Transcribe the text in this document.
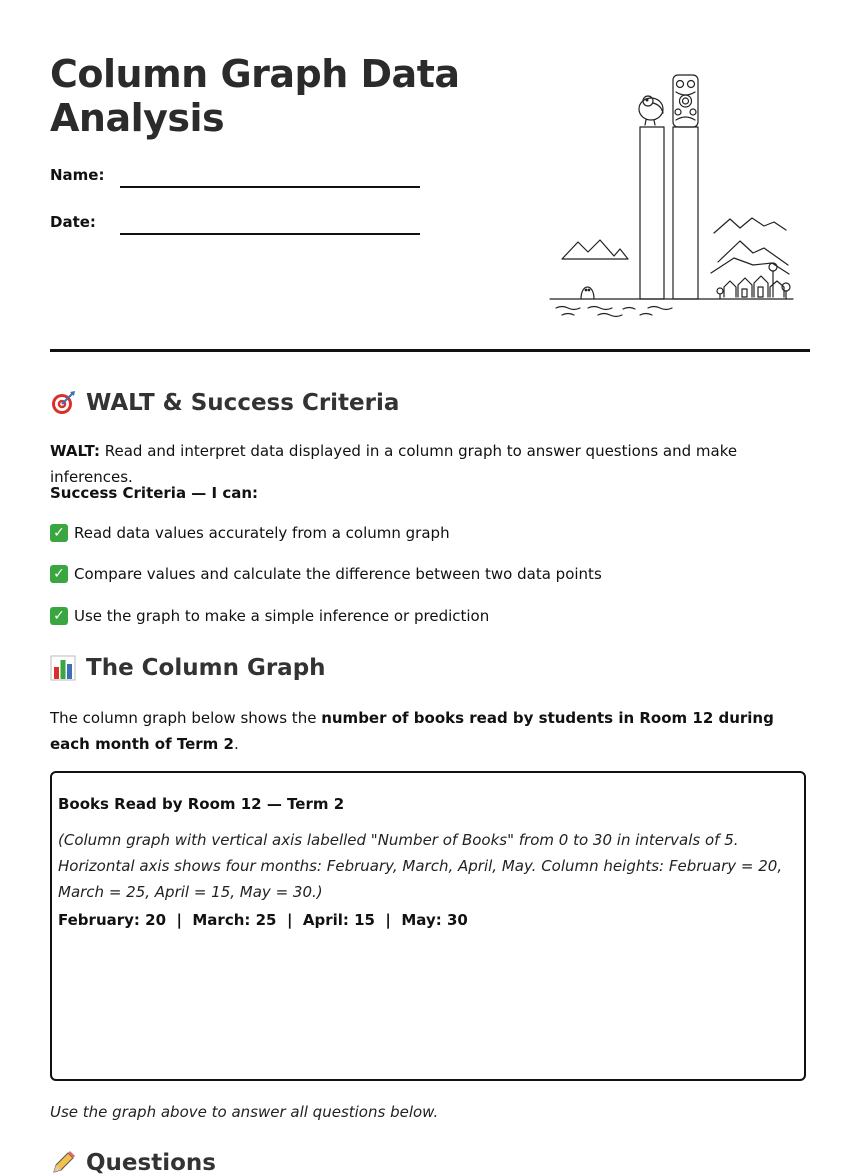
Column Graph Data Analysis
Name:
Date:
WALT & Success Criteria
WALT: Read and interpret data displayed in a column graph to answer questions and make inferences.
Success Criteria — I can:
✓ Read data values accurately from a column graph
✓ Compare values and calculate the difference between two data points
✓ Use the graph to make a simple inference or prediction
The Column Graph
The column graph below shows the number of books read by students in Room 12 during each month of Term 2.

Books Read by Room 12 — Term 2

(Column graph with vertical axis labelled "Number of Books" from 0 to 30 in intervals of 5. Horizontal axis shows four months: February, March, April, May. Column heights: February = 20, March = 25, April = 15, May = 30.)

February: 20  |  March: 25  |  April: 15  |  May: 30

Use the graph above to answer all questions below.
Questions
